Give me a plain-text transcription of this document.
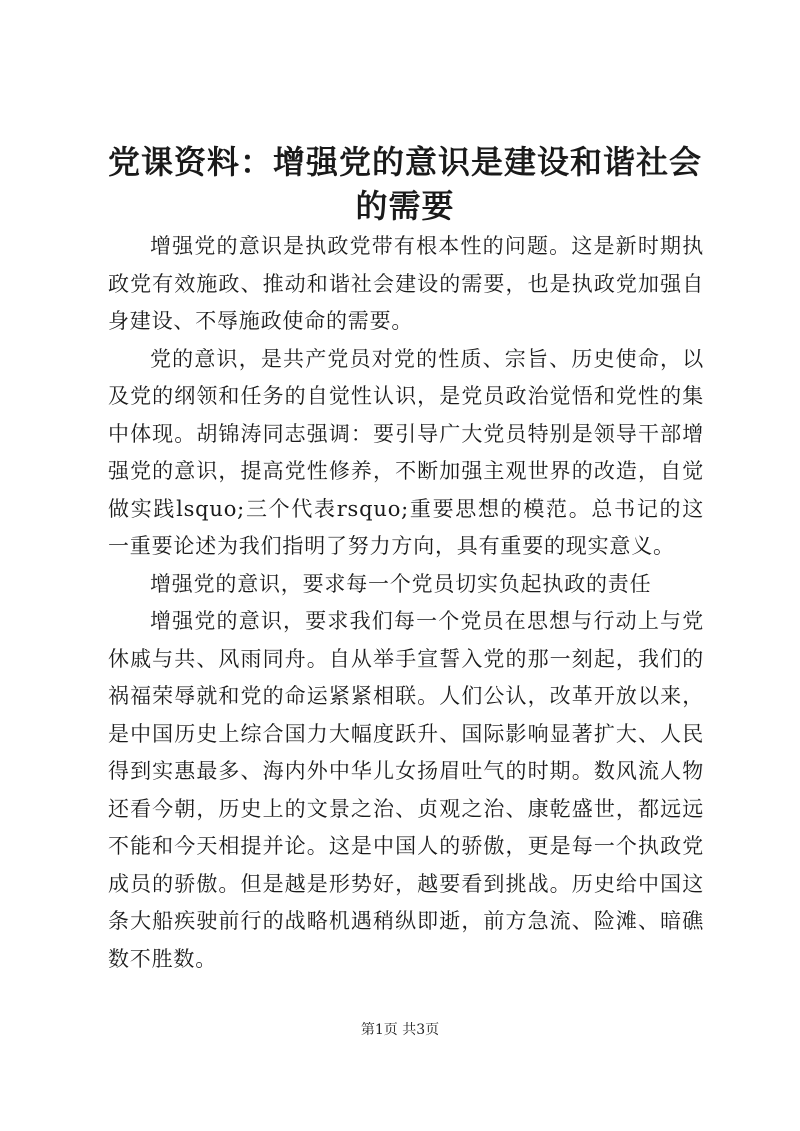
党课资料：增强党的意识是建设和谐社会的需要

增强党的意识是执政党带有根本性的问题。这是新时期执政党有效施政、推动和谐社会建设的需要，也是执政党加强自身建设、不辱施政使命的需要。

党的意识，是共产党员对党的性质、宗旨、历史使命，以及党的纲领和任务的自觉性认识，是党员政治觉悟和党性的集中体现。胡锦涛同志强调：要引导广大党员特别是领导干部增强党的意识，提高党性修养，不断加强主观世界的改造，自觉做实践lsquo;三个代表rsquo;重要思想的模范。总书记的这一重要论述为我们指明了努力方向，具有重要的现实意义。

增强党的意识，要求每一个党员切实负起执政的责任

增强党的意识，要求我们每一个党员在思想与行动上与党休戚与共、风雨同舟。自从举手宣誓入党的那一刻起，我们的祸福荣辱就和党的命运紧紧相联。人们公认，改革开放以来，是中国历史上综合国力大幅度跃升、国际影响显著扩大、人民得到实惠最多、海内外中华儿女扬眉吐气的时期。数风流人物还看今朝，历史上的文景之治、贞观之治、康乾盛世，都远远不能和今天相提并论。这是中国人的骄傲，更是每一个执政党成员的骄傲。但是越是形势好，越要看到挑战。历史给中国这条大船疾驶前行的战略机遇稍纵即逝，前方急流、险滩、暗礁数不胜数。

第1页 共3页
